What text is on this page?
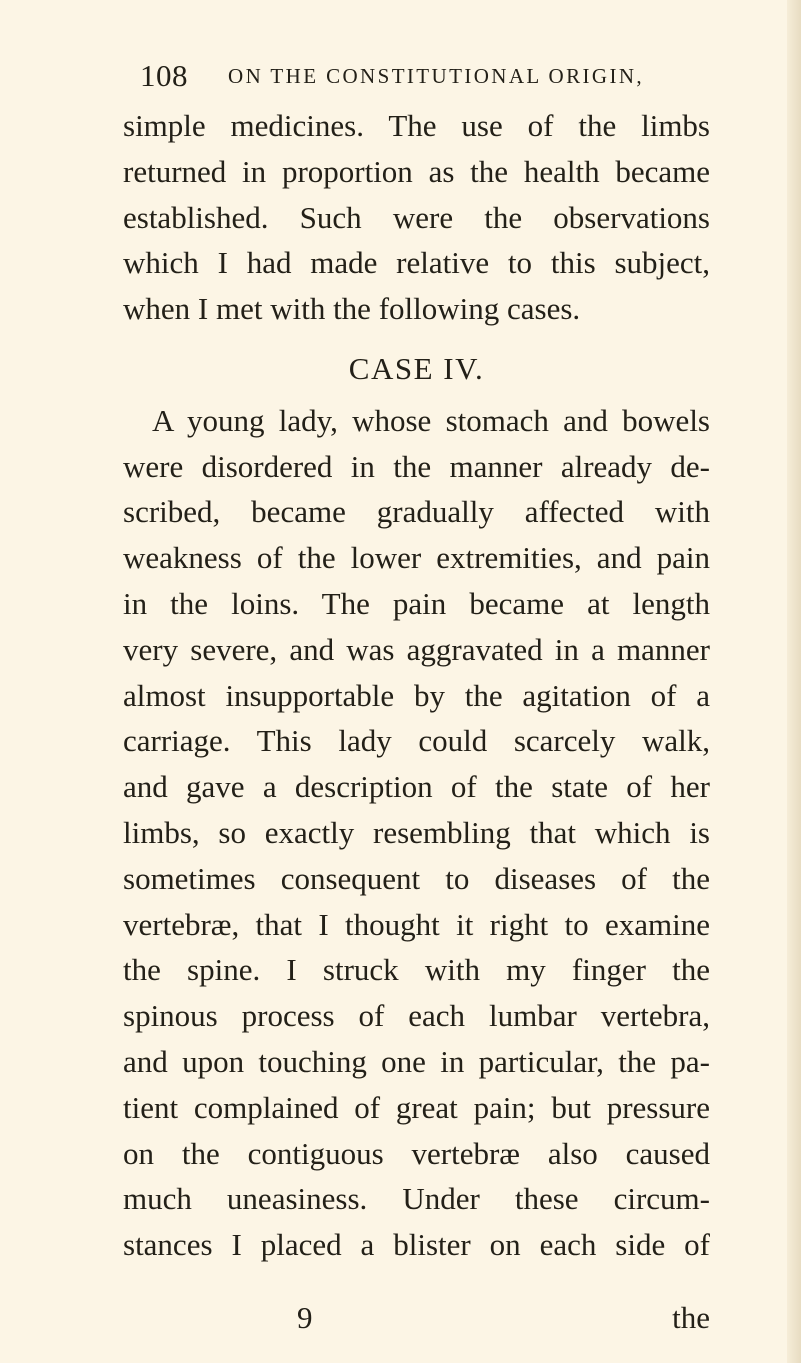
108 ON THE CONSTITUTIONAL ORIGIN,
simple medicines. The use of the limbs
returned in proportion as the health became
established. Such were the observations
which I had made relative to this subject,
when I met with the following cases.
CASE IV.
A young lady, whose stomach and bowels
were disordered in the manner already de-
scribed, became gradually affected with
weakness of the lower extremities, and pain
in the loins. The pain became at length
very severe, and was aggravated in a manner
almost insupportable by the agitation of a
carriage. This lady could scarcely walk,
and gave a description of the state of her
limbs, so exactly resembling that which is
sometimes consequent to diseases of the
vertebræ, that I thought it right to examine
the spine. I struck with my finger the
spinous process of each lumbar vertebra,
and upon touching one in particular, the pa-
tient complained of great pain; but pressure
on the contiguous vertebræ also caused
much uneasiness. Under these circum-
stances I placed a blister on each side of
9	the
